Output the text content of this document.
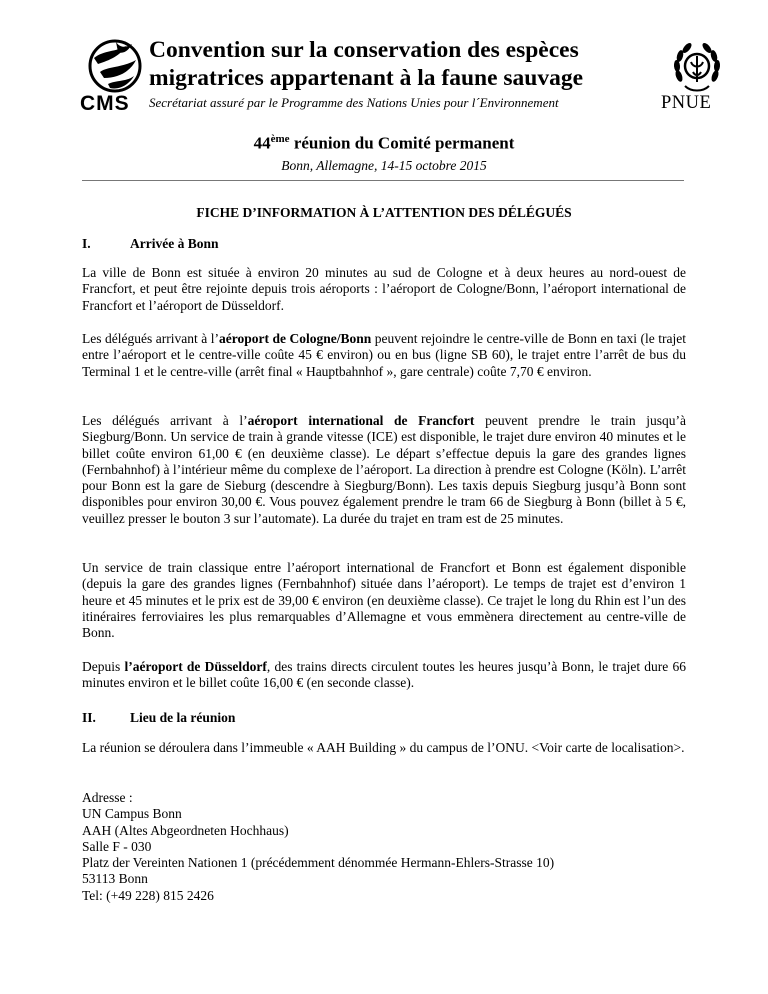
CMS
Convention sur la conservation des espèces
migratrices appartenant à la faune sauvage
Secrétariat assuré par le Programme des Nations Unies pour l´Environnement	PNUE
44ème réunion du Comité permanent
Bonn, Allemagne, 14-15 octobre 2015
FICHE D’INFORMATION À L’ATTENTION DES DÉLÉGUÉS
I.	Arrivée à Bonn
La ville de Bonn est située à environ 20 minutes au sud de Cologne et à deux heures au nord-ouest de Francfort, et peut être rejointe depuis trois aéroports : l’aéroport de Cologne/Bonn, l’aéroport international de Francfort et l’aéroport de Düsseldorf.
Les délégués arrivant à l’aéroport de Cologne/Bonn peuvent rejoindre le centre-ville de Bonn en taxi (le trajet entre l’aéroport et le centre-ville coûte 45 € environ) ou en bus (ligne SB 60), le trajet entre l’arrêt de bus du Terminal 1 et le centre-ville (arrêt final « Hauptbahnhof », gare centrale) coûte 7,70 € environ.
Les délégués arrivant à l’aéroport international de Francfort peuvent prendre le train jusqu’à Siegburg/Bonn. Un service de train à grande vitesse (ICE) est disponible, le trajet dure environ 40 minutes et le billet coûte environ 61,00 € (en deuxième classe). Le départ s’effectue depuis la gare des grandes lignes (Fernbahnhof) à l’intérieur même du complexe de l’aéroport. La direction à prendre est Cologne (Köln). L’arrêt pour Bonn est la gare de Sieburg (descendre à Siegburg/Bonn). Les taxis depuis Siegburg jusqu’à Bonn sont disponibles pour environ 30,00 €. Vous pouvez également prendre le tram 66 de Siegburg à Bonn (billet à 5 €, veuillez presser le bouton 3 sur l’automate). La durée du trajet en tram est de 25 minutes.
Un service de train classique entre l’aéroport international de Francfort et Bonn est également disponible (depuis la gare des grandes lignes (Fernbahnhof) située dans l’aéroport). Le temps de trajet est d’environ 1 heure et 45 minutes et le prix est de 39,00 € environ (en deuxième classe). Ce trajet le long du Rhin est l’un des itinéraires ferroviaires les plus remarquables d’Allemagne et vous emmènera directement au centre-ville de Bonn.
Depuis l’aéroport de Düsseldorf, des trains directs circulent toutes les heures jusqu’à Bonn, le trajet dure 66 minutes environ et le billet coûte 16,00 € (en seconde classe).
II.	Lieu de la réunion
La réunion se déroulera dans l’immeuble « AAH Building » du campus de l’ONU. <Voir carte de localisation>.
Adresse :
UN Campus Bonn
AAH (Altes Abgeordneten Hochhaus)
Salle F - 030
Platz der Vereinten Nationen 1 (précédemment dénommée Hermann-Ehlers-Strasse 10)
53113 Bonn
Tel: (+49 228) 815 2426
